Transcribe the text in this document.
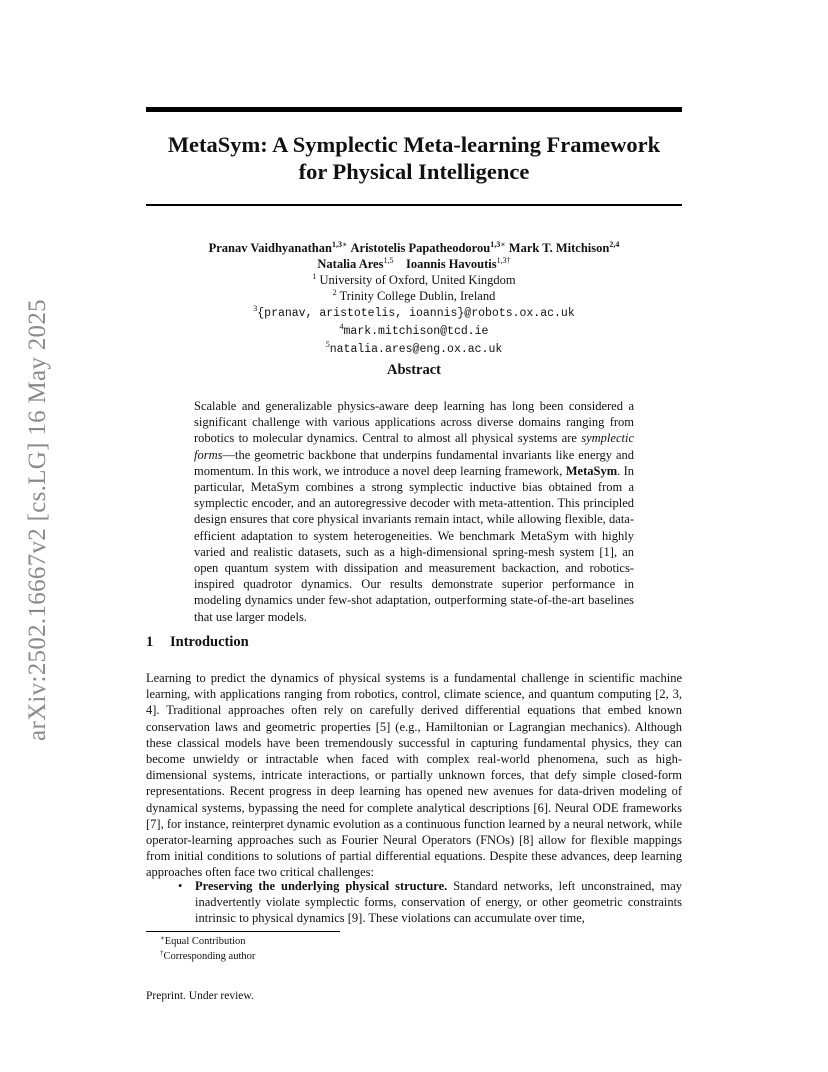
arXiv:2502.16667v2 [cs.LG] 16 May 2025
MetaSym: A Symplectic Meta-learning Framework
for Physical Intelligence
Pranav Vaidhyanathan$^{1,3∗}$ Aristotelis Papatheodorou$^{1,3∗}$ Mark T. Mitchison$^{2,4}$
Natalia Ares$^{1,5}$ Ioannis Havoutis$^{1,3\dagger}$
$^1$ University of Oxford, United Kingdom
$^2$ Trinity College Dublin, Ireland
$^3${pranav, aristotelis, ioannis}@robots.ox.ac.uk
$^4$mark.mitchison@tcd.ie
$^5$natalia.ares@eng.ox.ac.uk
Abstract
Scalable and generalizable physics-aware deep learning has long been considered a significant challenge with various applications across diverse domains ranging from robotics to molecular dynamics. Central to almost all physical systems are symplectic forms—the geometric backbone that underpins fundamental invariants like energy and momentum. In this work, we introduce a novel deep learning framework, MetaSym. In particular, MetaSym combines a strong symplectic inductive bias obtained from a symplectic encoder, and an autoregressive decoder with meta-attention. This principled design ensures that core physical invariants remain intact, while allowing flexible, data-efficient adaptation to system heterogeneities. We benchmark MetaSym with highly varied and realistic datasets, such as a high-dimensional spring-mesh system [1], an open quantum system with dissipation and measurement backaction, and robotics-inspired quadrotor dynamics. Our results demonstrate superior performance in modeling dynamics under few-shot adaptation, outperforming state-of-the-art baselines that use larger models.
1 Introduction
Learning to predict the dynamics of physical systems is a fundamental challenge in scientific machine learning, with applications ranging from robotics, control, climate science, and quantum computing [2, 3, 4]. Traditional approaches often rely on carefully derived differential equations that embed known conservation laws and geometric properties [5] (e.g., Hamiltonian or Lagrangian mechanics). Although these classical models have been tremendously successful in capturing fundamental physics, they can become unwieldy or intractable when faced with complex real-world phenomena, such as high-dimensional systems, intricate interactions, or partially unknown forces, that defy simple closed-form representations. Recent progress in deep learning has opened new avenues for data-driven modeling of dynamical systems, bypassing the need for complete analytical descriptions [6]. Neural ODE frameworks [7], for instance, reinterpret dynamic evolution as a continuous function learned by a neural network, while operator-learning approaches such as Fourier Neural Operators (FNOs) [8] allow for flexible mappings from initial conditions to solutions of partial differential equations. Despite these advances, deep learning approaches often face two critical challenges:
• Preserving the underlying physical structure. Standard networks, left unconstrained, may inadvertently violate symplectic forms, conservation of energy, or other geometric constraints intrinsic to physical dynamics [9]. These violations can accumulate over time,
∗Equal Contribution
†Corresponding author
Preprint. Under review.
